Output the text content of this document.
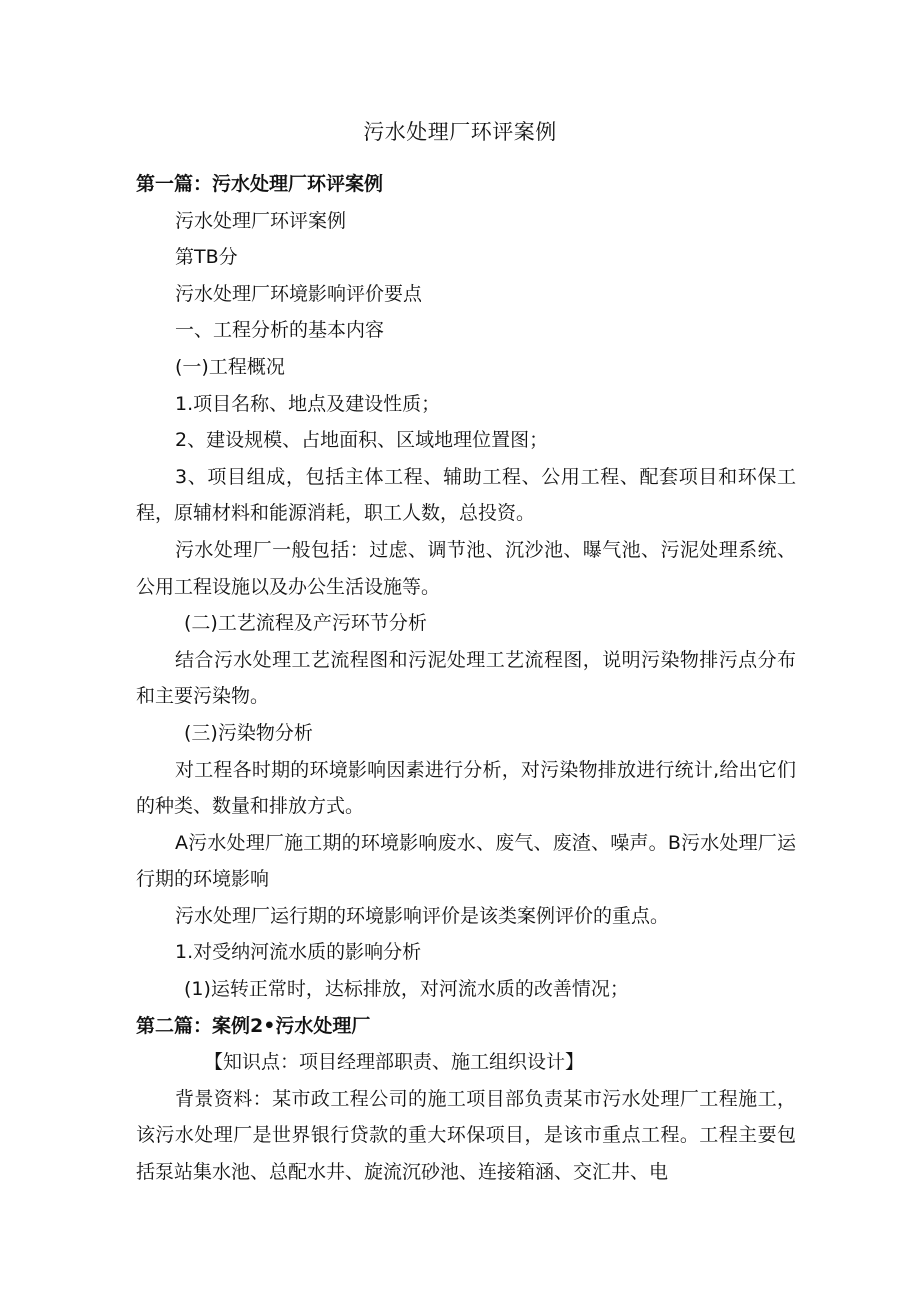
污水处理厂环评案例

第一篇：污水处理厂环评案例

污水处理厂环评案例

第TB分

污水处理厂环境影响评价要点

一、工程分析的基本内容

(一)工程概况

1.项目名称、地点及建设性质；

2、建设规模、占地面积、区域地理位置图；

3、项目组成，包括主体工程、辅助工程、公用工程、配套项目和环保工程，原辅材料和能源消耗，职工人数，总投资。

污水处理厂一般包括：过虑、调节池、沉沙池、曝气池、污泥处理系统、公用工程设施以及办公生活设施等。

(二)工艺流程及产污环节分析

结合污水处理工艺流程图和污泥处理工艺流程图，说明污染物排污点分布和主要污染物。

(三)污染物分析

对工程各时期的环境影响因素进行分析，对污染物排放进行统计,给出它们的种类、数量和排放方式。

A污水处理厂施工期的环境影响废水、废气、废渣、噪声。B污水处理厂运行期的环境影响

污水处理厂运行期的环境影响评价是该类案例评价的重点。

1.对受纳河流水质的影响分析

(1)运转正常时，达标排放，对河流水质的改善情况；

第二篇：案例2•污水处理厂

【知识点：项目经理部职责、施工组织设计】

背景资料：某市政工程公司的施工项目部负责某市污水处理厂工程施工，该污水处理厂是世界银行贷款的重大环保项目，是该市重点工程。工程主要包括泵站集水池、总配水井、旋流沉砂池、连接箱涵、交汇井、电
